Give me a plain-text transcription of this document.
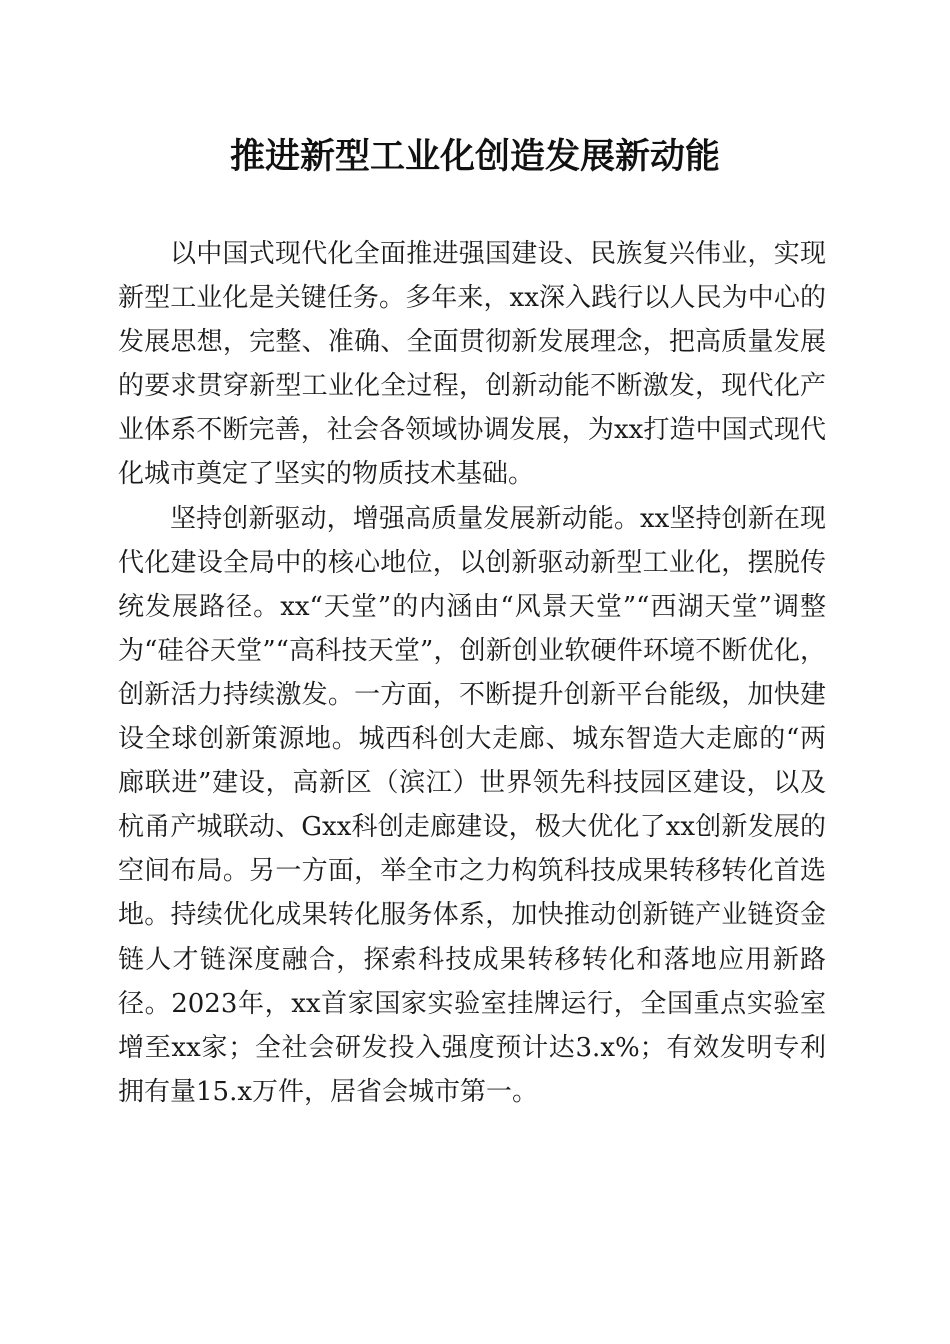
推进新型工业化创造发展新动能

以中国式现代化全面推进强国建设、民族复兴伟业，实现新型工业化是关键任务。多年来，xx深入践行以人民为中心的发展思想，完整、准确、全面贯彻新发展理念，把高质量发展的要求贯穿新型工业化全过程，创新动能不断激发，现代化产业体系不断完善，社会各领域协调发展，为xx打造中国式现代化城市奠定了坚实的物质技术基础。

坚持创新驱动，增强高质量发展新动能。xx坚持创新在现代化建设全局中的核心地位，以创新驱动新型工业化，摆脱传统发展路径。xx“天堂”的内涵由“风景天堂”“西湖天堂”调整为“硅谷天堂”“高科技天堂”，创新创业软硬件环境不断优化，创新活力持续激发。一方面，不断提升创新平台能级，加快建设全球创新策源地。城西科创大走廊、城东智造大走廊的“两廊联进”建设，高新区（滨江）世界领先科技园区建设，以及杭甬产城联动、Gxx科创走廊建设，极大优化了xx创新发展的空间布局。另一方面，举全市之力构筑科技成果转移转化首选地。持续优化成果转化服务体系，加快推动创新链产业链资金链人才链深度融合，探索科技成果转移转化和落地应用新路径。2023年，xx首家国家实验室挂牌运行，全国重点实验室增至xx家；全社会研发投入强度预计达3.x%；有效发明专利拥有量15.x万件，居省会城市第一。
